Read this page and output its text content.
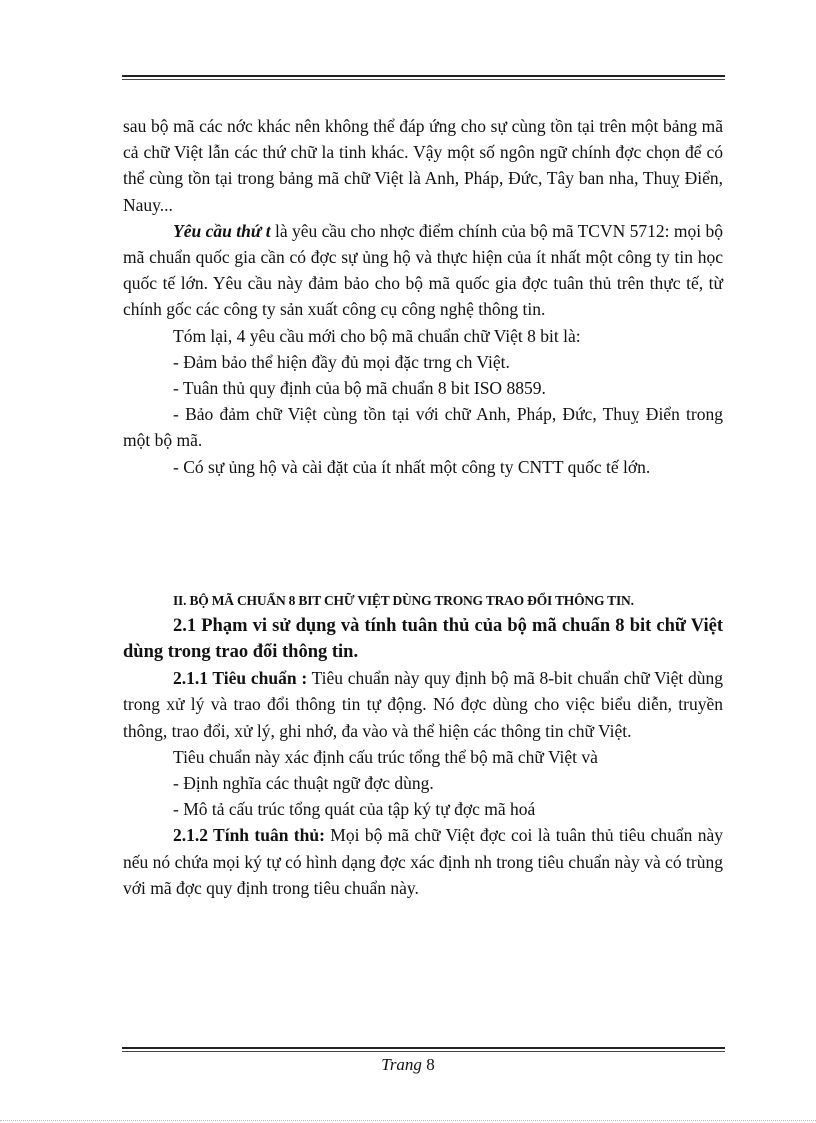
sau bộ mã các nớc khác nên không thể đáp ứng cho sự cùng tồn tại trên một bảng mã cả chữ Việt lẫn các thứ chữ la tinh khác. Vậy một số ngôn ngữ chính đợc chọn để có thể cùng tồn tại trong bảng mã chữ Việt là Anh, Pháp, Đức, Tây ban nha, Thuỵ Điển, Nauy...

Yêu cầu thứ t là yêu cầu cho nhợc điểm chính của bộ mã TCVN 5712: mọi bộ mã chuẩn quốc gia cần có đợc sự ủng hộ và thực hiện của ít nhất một công ty tin học quốc tế lớn. Yêu cầu này đảm bảo cho bộ mã quốc gia đợc tuân thủ trên thực tế, từ chính gốc các công ty sản xuất công cụ công nghệ thông tin.

Tóm lại, 4 yêu cầu mới cho bộ mã chuẩn chữ Việt 8 bit là:

- Đảm bảo thể hiện đầy đủ mọi đặc trng ch Việt.

- Tuân thủ quy định của bộ mã chuẩn 8 bit ISO 8859.

- Bảo đảm chữ Việt cùng tồn tại với chữ Anh, Pháp, Đức, Thuỵ Điển trong một bộ mã.

- Có sự ủng hộ và cài đặt của ít nhất một công ty CNTT quốc tế lớn.

II. BỘ MÃ CHUẨN 8 BIT CHỮ VIỆT DÙNG TRONG TRAO ĐỔI THÔNG TIN.

2.1 Phạm vi sử dụng và tính tuân thủ của bộ mã chuẩn 8 bit chữ Việt dùng trong trao đổi thông tin.

2.1.1 Tiêu chuẩn : Tiêu chuẩn này quy định bộ mã 8-bit chuẩn chữ Việt dùng trong xử lý và trao đổi thông tin tự động. Nó đợc dùng cho việc biểu diễn, truyền thông, trao đổi, xử lý, ghi nhớ, đa vào và thể hiện các thông tin chữ Việt.

Tiêu chuẩn này xác định cấu trúc tổng thể bộ mã chữ Việt và

- Định nghĩa các thuật ngữ đợc dùng.

- Mô tả cấu trúc tổng quát của tập ký tự đợc mã hoá

2.1.2 Tính tuân thủ: Mọi bộ mã chữ Việt đợc coi là tuân thủ tiêu chuẩn này nếu nó chứa mọi ký tự có hình dạng đợc xác định nh trong tiêu chuẩn này và có trùng với mã đợc quy định trong tiêu chuẩn này.

Trang 8
